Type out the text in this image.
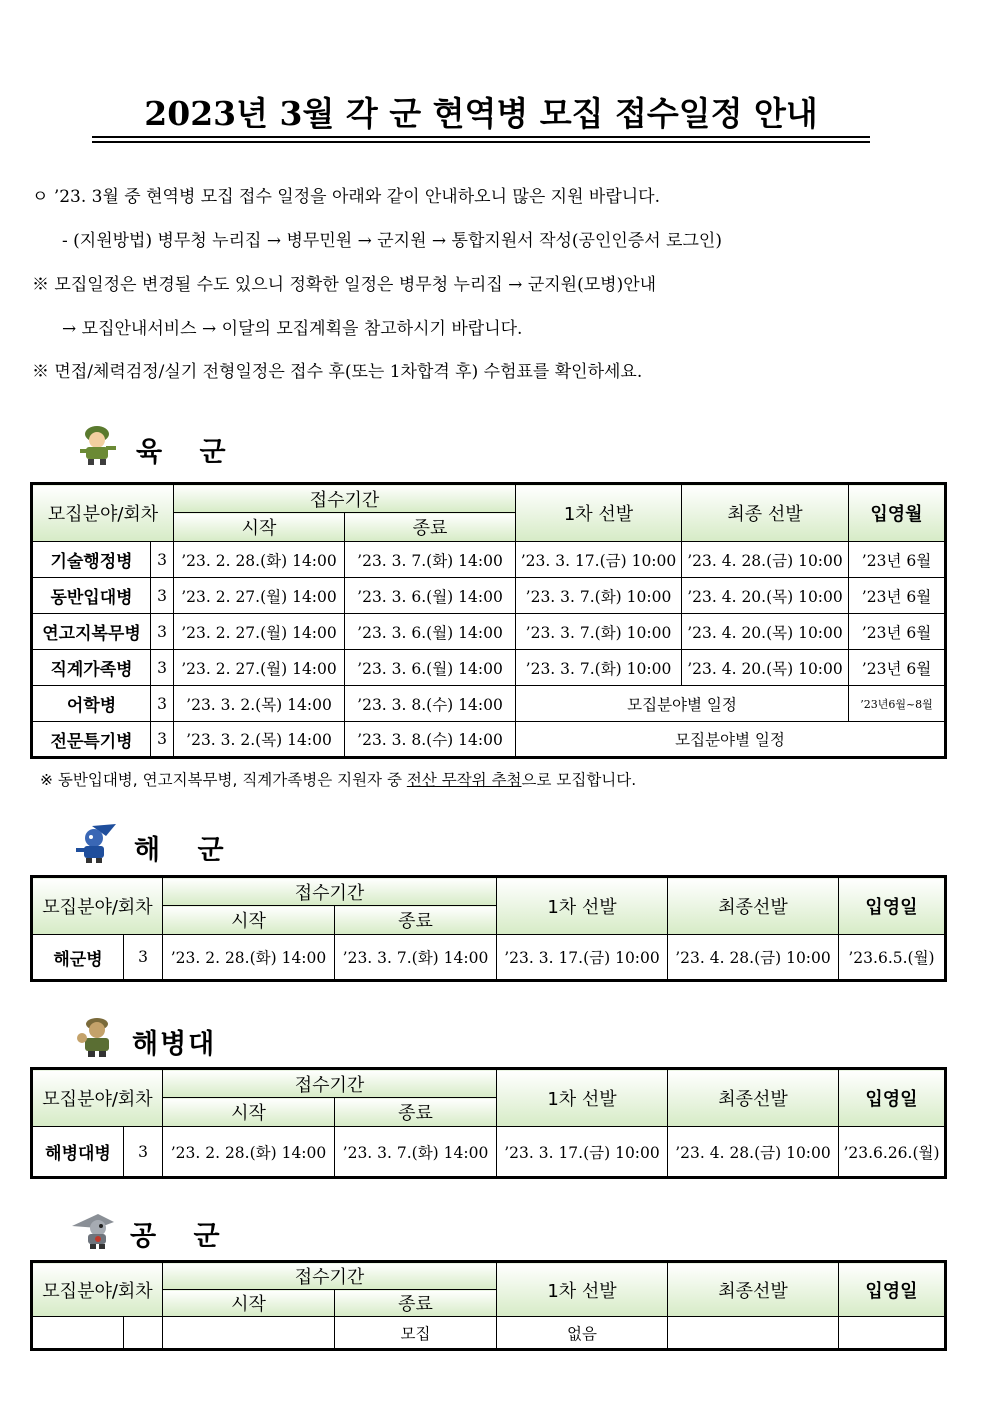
2023년 3월 각 군 현역병 모집 접수일정 안내
ㅇ ’23. 3월 중 현역병 모집 접수 일정을 아래와 같이 안내하오니 많은 지원 바랍니다.
- (지원방법) 병무청 누리집 → 병무민원 → 군지원 → 통합지원서 작성(공인인증서 로그인)
※ 모집일정은 변경될 수도 있으니 정확한 일정은 병무청 누리집 → 군지원(모병)안내
→ 모집안내서비스 → 이달의 모집계획을 참고하시기 바랍니다.
※ 면접/체력검정/실기 전형일정은 접수 후(또는 1차합격 후) 수험표를 확인하세요.
육 군
모집분야/회차		접수기간		1차 선발	최종 선발	입영월
		시작	종료			
기술행정병	3	’23. 2. 28.(화) 14:00	’23. 3. 7.(화) 14:00	’23. 3. 17.(금) 10:00	’23. 4. 28.(금) 10:00	’23년 6월
동반입대병	3	’23. 2. 27.(월) 14:00	’23. 3. 6.(월) 14:00	’23. 3. 7.(화) 10:00	’23. 4. 20.(목) 10:00	’23년 6월
연고지복무병	3	’23. 2. 27.(월) 14:00	’23. 3. 6.(월) 14:00	’23. 3. 7.(화) 10:00	’23. 4. 20.(목) 10:00	’23년 6월
직계가족병	3	’23. 2. 27.(월) 14:00	’23. 3. 6.(월) 14:00	’23. 3. 7.(화) 10:00	’23. 4. 20.(목) 10:00	’23년 6월
어학병	3	’23. 3. 2.(목) 14:00	’23. 3. 8.(수) 14:00	모집분야별 일정		’23년6월~8월
전문특기병	3	’23. 3. 2.(목) 14:00	’23. 3. 8.(수) 14:00	모집분야별 일정		
※ 동반입대병, 연고지복무병, 직계가족병은 지원자 중 전산 무작위 추첨으로 모집합니다.
해 군
모집분야/회차		접수기간		1차 선발	최종선발	입영일
		시작	종료			
해군병	3	’23. 2. 28.(화) 14:00	’23. 3. 7.(화) 14:00	’23. 3. 17.(금) 10:00	’23. 4. 28.(금) 10:00	’23.6.5.(월)
해병대
모집분야/회차		접수기간		1차 선발	최종선발	입영일
		시작	종료			
해병대병	3	’23. 2. 28.(화) 14:00	’23. 3. 7.(화) 14:00	’23. 3. 17.(금) 10:00	’23. 4. 28.(금) 10:00	’23.6.26.(월)
공 군
모집분야/회차		접수기간		1차 선발	최종선발	입영일
		시작	종료			
			모집	없음		
